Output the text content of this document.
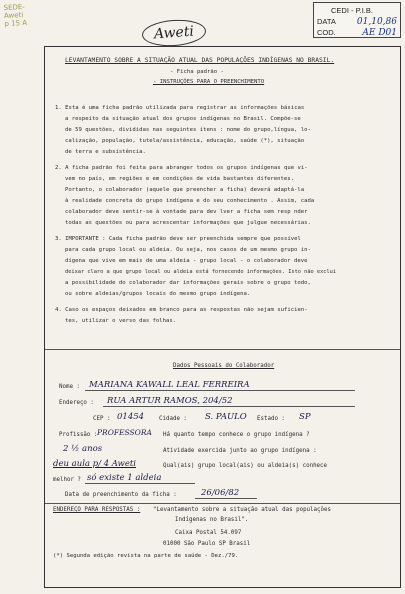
SEDE-Aweti
p 15 A
CEDI - P.I.B.
DATA 01,10,86
COD.	AE D01
Aweti
LEVANTAMENTO SOBRE A SITUAÇÃO ATUAL DAS POPULAÇÕES INDÍGENAS NO BRASIL.
- Ficha padrão -
- INSTRUÇÕES PARA O PREENCHIMENTO

1. Esta é uma ficha padrão utilizada para registrar as informações básicas

a respeito da situação atual dos grupos indígenas no Brasil. Compõe-se

de 59 questões, divididas nas seguintes ítens : nome do grupo,língua, lo-

calização, população, tutela/assistência, educação, saúde (*), situação

de terra e subsistência.

2. A ficha padrão foi feita para abranger todos os grupos indígenas que vi-

vem no país, em regiões e em condições de vida bastantes diferentes.

Portanto, o colaborador (aquele que preencher a ficha) deverá adaptá-la

à realidade concreta do grupo indígena e do seu conhecimento . Assim, cada

colaborador deve sentir-se à vontade para dev lver a ficha sem resp nder

todas as questões ou para acrescentar informações que julgue necessárias.

3. IMPORTANTE : Cada ficha padrão deve ser preenchida sempre que possível

para cada grupo local ou aldeia. Ou seja, nos casos de um mesmo grupo in-

dígena que vive em mais de uma aldeia - grupo local - o colaborador deve

deixar claro a que grupo local ou aldeia está fornecendo informações. Isto não exclui

a possibilidade do colaborador dar informações gerais sobre o grupo todo,

ou sobre aldeias/grupos locais do mesmo grupo indígena.

4. Caso os espaços deixados em branco para as respostas não sejam suficien-

tes, utilizar o verso das folhas.

Dados Pessoais do Colaborador
Nome : MARIANA KAWALL LEAL FERREIRA
Endereço : RUA ARTUR RAMOS, 204/52
CEP : 01454	Cidade : S. PAULO Estado : SP
Profissão : PROFESSORA Há quanto tempo conhece o grupo indígena ?
2 ½ anos	Atividade exercida junto ao grupo indígena :
deu aula p/ 4 Aweti	Qual(ais) grupo local(ais) ou aldeia(s) conhece
melhor ? só existe 1 aldeia
Data de preenchimento da ficha :	26/06/82
ENDEREÇO PARA RESPOSTAS : "Levantamento sobre a situação atual das populações
Indígenas no Brasil".
Caixa Postal 54.097
01000 São Paulo SP Brasil
(*) Segunda edição revista na parte de saúde - Dez./79.
